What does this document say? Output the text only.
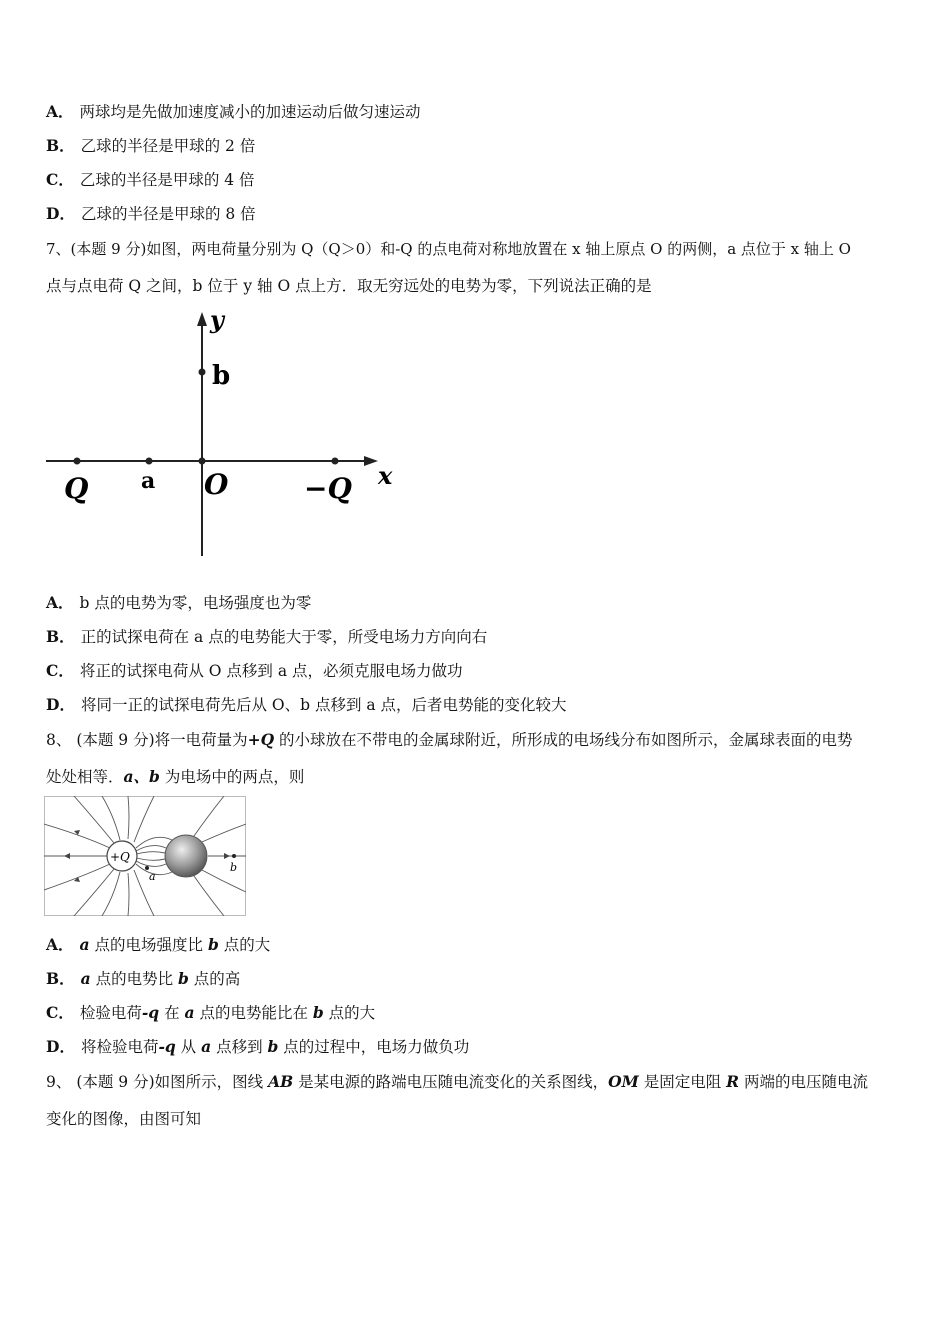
A． 两球均是先做加速度减小的加速运动后做匀速运动
B． 乙球的半径是甲球的 2 倍
C． 乙球的半径是甲球的 4 倍
D． 乙球的半径是甲球的 8 倍
7、(本题 9 分)如图，两电荷量分别为 Q（Q＞0）和-Q 的点电荷对称地放置在 x 轴上原点 O 的两侧，a 点位于 x 轴上 O
点与点电荷 Q 之间，b 位于 y 轴 O 点上方．取无穷远处的电势为零，下列说法正确的是
y
b
x
Q a O	−Q
A． b 点的电势为零，电场强度也为零
B． 正的试探电荷在 a 点的电势能大于零，所受电场力方向向右
C． 将正的试探电荷从 O 点移到 a 点，必须克服电场力做功
D． 将同一正的试探电荷先后从 O、b 点移到 a 点，后者电势能的变化较大
8、 (本题 9 分)将一电荷量为+Q 的小球放在不带电的金属球附近，所形成的电场线分布如图所示，金属球表面的电势
处处相等．a、b 为电场中的两点，则
+Q
a
b
A． a 点的电场强度比 b 点的大
B． a 点的电势比 b 点的高
C． 检验电荷-q 在 a 点的电势能比在 b 点的大
D． 将检验电荷-q 从 a 点移到 b 点的过程中，电场力做负功
9、 (本题 9 分)如图所示，图线 AB 是某电源的路端电压随电流变化的关系图线，OM 是固定电阻 R 两端的电压随电流
变化的图像，由图可知
